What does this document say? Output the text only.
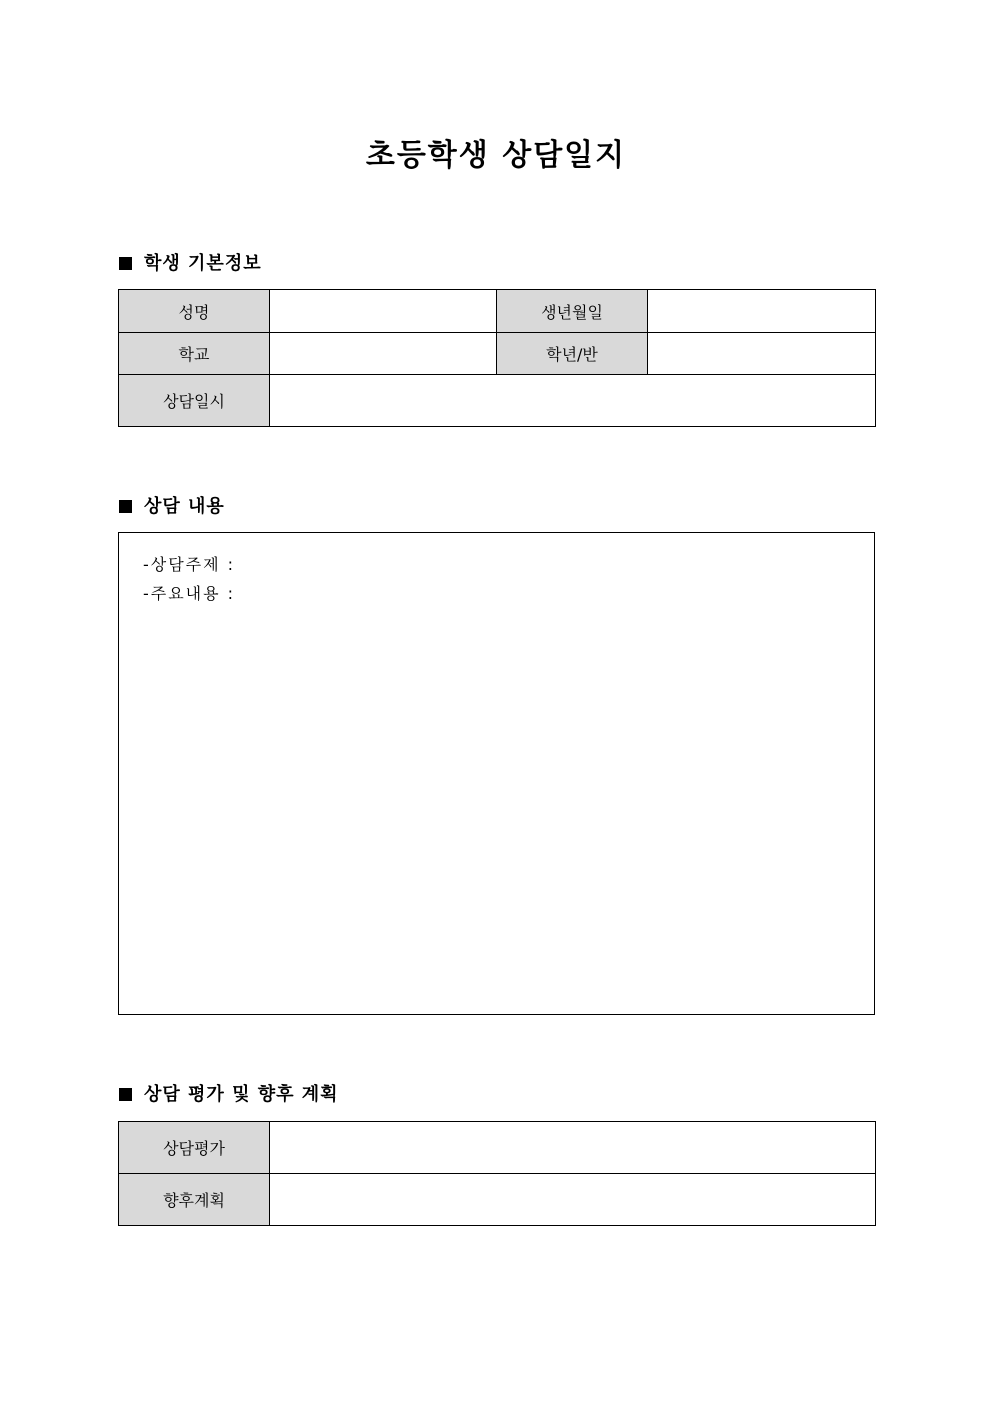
초등학생 상담일지
학생 기본정보
성명		생년월일	
학교		학년/반	
상담일시			
상담 내용
-상담주제 :
-주요내용 :
상담 평가 및 향후 계획
상담평가	
향후계획	
